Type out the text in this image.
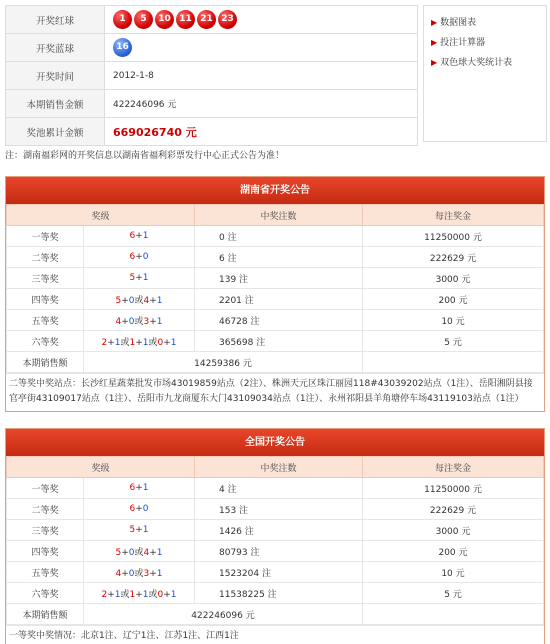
开奖红球	1 5 10 11 21 23
开奖蓝球	16
开奖时间	2012-1-8
本期销售金额	422246096 元
奖池累计金额	669026740 元
▶ 数据图表
▶ 投注计算器
▶ 双色球大奖统计表
注：湖南福彩网的开奖信息以湖南省福利彩票发行中心正式公告为准！
湖南省开奖公告
奖级		中奖注数	每注奖金
一等奖	6+1	0 注	11250000 元
二等奖	6+0	6 注	222629 元
三等奖	5+1	139 注	3000 元
四等奖	5+0或4+1	2201 注	200 元
五等奖	4+0或3+1	46728 注	10 元
六等奖	2+1或1+1或0+1	365698 注	5 元
本期销售额	14259386 元		
二等奖中奖站点：长沙红星蔬菜批发市场43019859站点（2注）、株洲天元区珠江丽园118#43039202站点（1注）、岳阳湘阴县接官亭街43109017站点（1注）、岳阳市九龙商厦东大门43109034站点（1注）、永州祁阳县羊角塘停车场43119103站点（1注）
全国开奖公告
奖级		中奖注数	每注奖金
一等奖	6+1	4 注	11250000 元
二等奖	6+0	153 注	222629 元
三等奖	5+1	1426 注	3000 元
四等奖	5+0或4+1	80793 注	200 元
五等奖	4+0或3+1	1523204 注	10 元
六等奖	2+1或1+1或0+1	11538225 注	5 元
本期销售额	422246096 元		
一等奖中奖情况：北京1注、辽宁1注、江苏1注、江西1注
